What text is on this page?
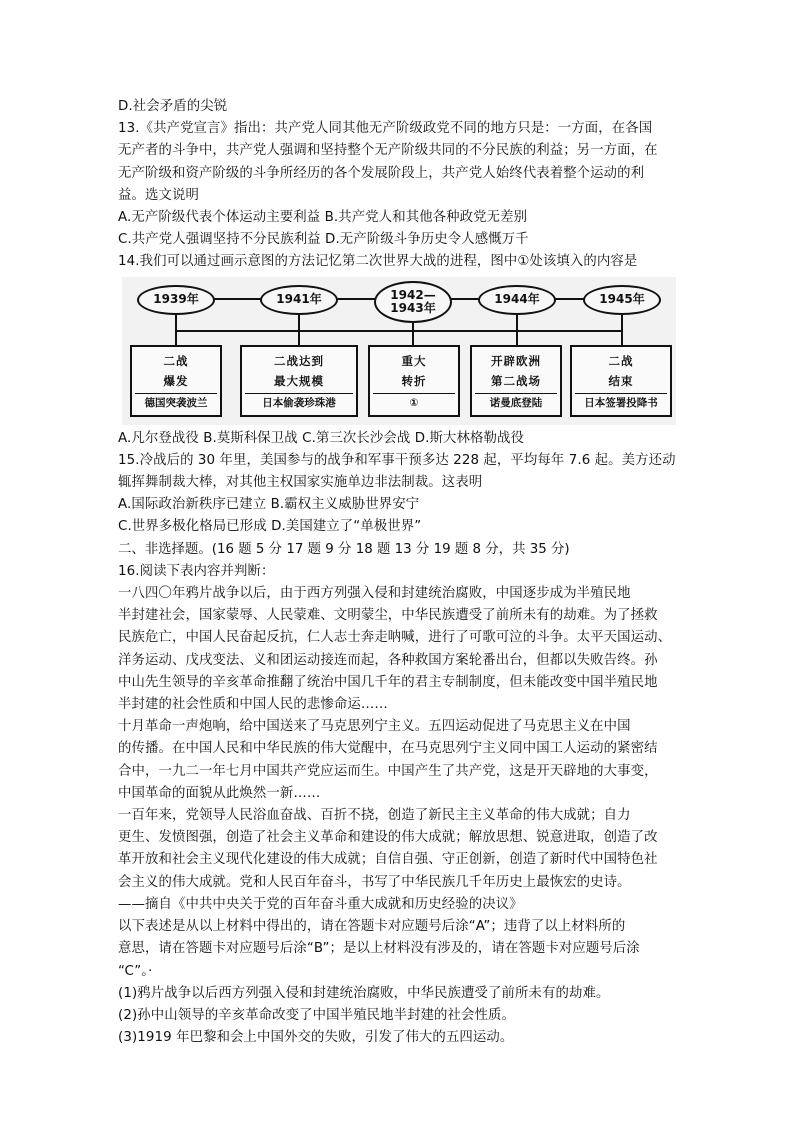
D.社会矛盾的尖锐
13.《共产党宣言》指出：共产党人同其他无产阶级政党不同的地方只是：一方面，在各国
无产者的斗争中，共产党人强调和坚持整个无产阶级共同的不分民族的利益；另一方面，在
无产阶级和资产阶级的斗争所经历的各个发展阶段上，共产党人始终代表着整个运动的利
益。选文说明
A.无产阶级代表个体运动主要利益 B.共产党人和其他各种政党无差别
C.共产党人强调坚持不分民族利益 D.无产阶级斗争历史令人感慨万千
14.我们可以通过画示意图的方法记忆第二次世界大战的进程，图中①处该填入的内容是
1939年	1941年	1942—
1943年
1944年	1945年
二战
爆发
德国突袭波兰
二战达到
最大规模
日本偷袭珍珠港
重大
转折
①
开辟欧洲
第二战场
诺曼底登陆
二战
结束
日本签署投降书
A.凡尔登战役 B.莫斯科保卫战 C.第三次长沙会战 D.斯大林格勒战役
15.冷战后的 30 年里，美国参与的战争和军事干预多达 228 起，平均每年 7.6 起。美方还动
辄挥舞制裁大棒，对其他主权国家实施单边非法制裁。这表明
A.国际政治新秩序已建立 B.霸权主义威胁世界安宁
C.世界多极化格局已形成 D.美国建立了“单极世界”
二、非选择题。(16 题 5 分 17 题 9 分 18 题 13 分 19 题 8 分，共 35 分)
16.阅读下表内容并判断：
一八四〇年鸦片战争以后，由于西方列强入侵和封建统治腐败，中国逐步成为半殖民地
半封建社会，国家蒙辱、人民蒙难、文明蒙尘，中华民族遭受了前所未有的劫难。为了拯救
民族危亡，中国人民奋起反抗，仁人志士奔走呐喊，进行了可歌可泣的斗争。太平天国运动、
洋务运动、戊戌变法、义和团运动接连而起，各种救国方案轮番出台，但都以失败告终。孙
中山先生领导的辛亥革命推翻了统治中国几千年的君主专制制度，但未能改变中国半殖民地
半封建的社会性质和中国人民的悲惨命运……
十月革命一声炮响，给中国送来了马克思列宁主义。五四运动促进了马克思主义在中国
的传播。在中国人民和中华民族的伟大觉醒中，在马克思列宁主义同中国工人运动的紧密结
合中，一九二一年七月中国共产党应运而生。中国产生了共产党，这是开天辟地的大事变，
中国革命的面貌从此焕然一新……
一百年来，党领导人民浴血奋战、百折不挠，创造了新民主主义革命的伟大成就；自力
更生、发愤图强，创造了社会主义革命和建设的伟大成就；解放思想、锐意进取，创造了改
革开放和社会主义现代化建设的伟大成就；自信自强、守正创新，创造了新时代中国特色社
会主义的伟大成就。党和人民百年奋斗，书写了中华民族几千年历史上最恢宏的史诗。
——摘自《中共中央关于党的百年奋斗重大成就和历史经验的决议》
以下表述是从以上材料中得出的，请在答题卡对应题号后涂“A”；违背了以上材料所的
意思，请在答题卡对应题号后涂“B”；是以上材料没有涉及的，请在答题卡对应题号后涂
“C”。·
(1)鸦片战争以后西方列强入侵和封建统治腐败，中华民族遭受了前所未有的劫难。
(2)孙中山领导的辛亥革命改变了中国半殖民地半封建的社会性质。
(3)1919 年巴黎和会上中国外交的失败，引发了伟大的五四运动。
